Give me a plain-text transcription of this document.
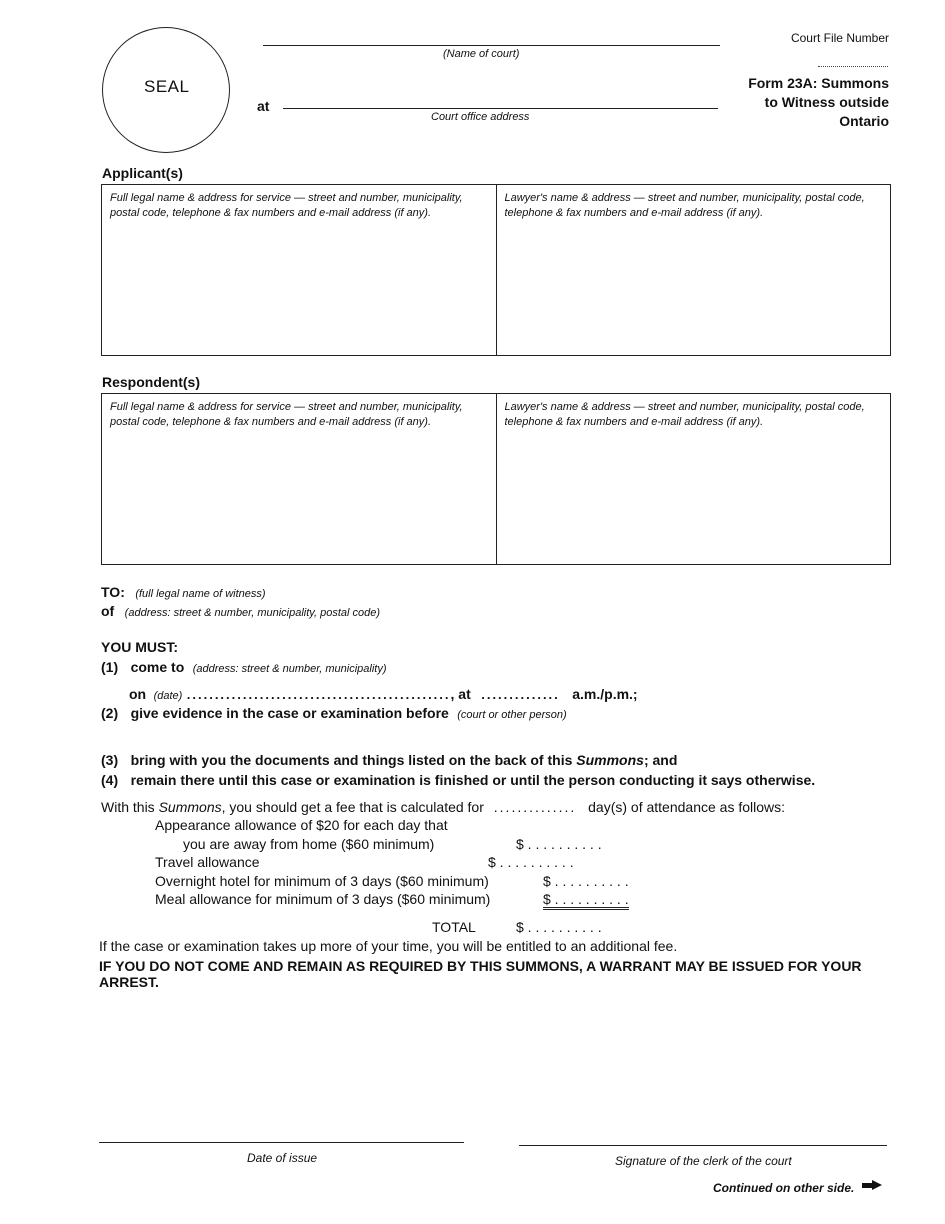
SEAL
(Name of court)
at
Court office address
Court File Number
Form 23A: Summons
to Witness outside
Ontario
Applicant(s)
Full legal name & address for service — street and number, municipality, postal code, telephone & fax numbers and e-mail address (if any).
Lawyer's name & address — street and number, municipality, postal code, telephone & fax numbers and e-mail address (if any).
Respondent(s)
Full legal name & address for service — street and number, municipality, postal code, telephone & fax numbers and e-mail address (if any).
Lawyer's name & address — street and number, municipality, postal code, telephone & fax numbers and e-mail address (if any).
TO: (full legal name of witness)
of (address: street & number, municipality, postal code)
YOU MUST:
(1) come to (address: street & number, municipality)
on (date) ..............................................., at .............. a.m./p.m.;
(2) give evidence in the case or examination before (court or other person)
(3) bring with you the documents and things listed on the back of this Summons; and
(4) remain there until this case or examination is finished or until the person conducting it says otherwise.
With this Summons, you should get a fee that is calculated for .............. day(s) of attendance as follows:
Appearance allowance of $20 for each day that
you are away from home ($60 minimum)	$ . . . . . . . . . .
Travel allowance	$ . . . . . . . . . .
Overnight hotel for minimum of 3 days ($60 minimum)	$ . . . . . . . . . .
Meal allowance for minimum of 3 days ($60 minimum)	$ . . . . . . . . . .
TOTAL	$ . . . . . . . . . .
If the case or examination takes up more of your time, you will be entitled to an additional fee.
IF YOU DO NOT COME AND REMAIN AS REQUIRED BY THIS SUMMONS, A WARRANT MAY BE ISSUED FOR YOUR ARREST.
Date of issue	Signature of the clerk of the court
Continued on other side.
